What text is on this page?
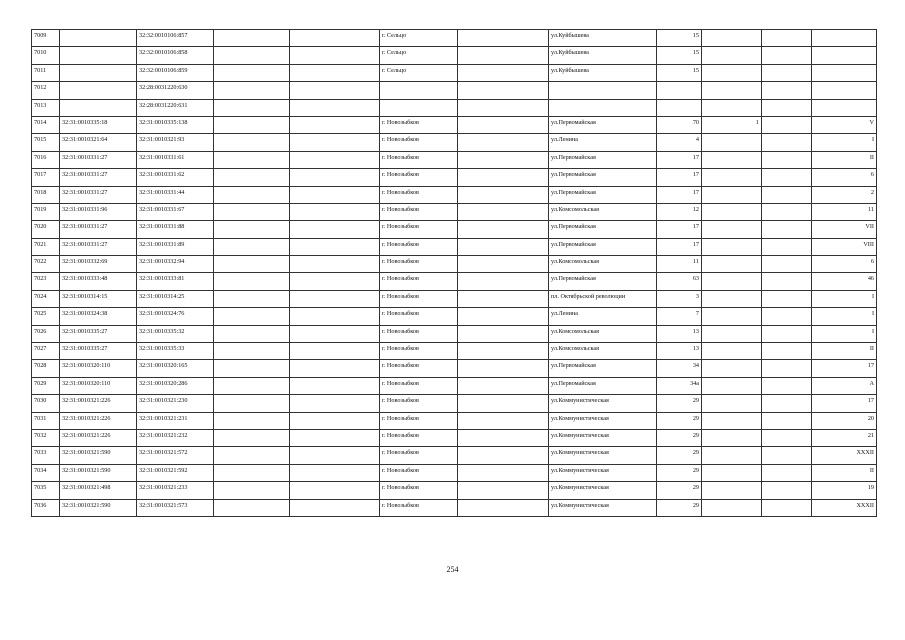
7009		32:32:0010106:857			г. Сельцо		ул.Куйбышева	15			
7010		32:32:0010106:858			г. Сельцо		ул.Куйбышева	15			
7011		32:32:0010106:859			г. Сельцо		ул.Куйбышева	15			
7012		32:28:0031220:630									
7013		32:28:0031220:631									
7014	32:31:0010335:18	32:31:0010335:138			г. Новозыбков		ул.Первомайская	70	1		V
7015	32:31:0010321:64	32:31:0010321:93			г. Новозыбков		ул.Ленина	4			I
7016	32:31:0010331:27	32:31:0010331:61			г. Новозыбков		ул.Первомайская	17			II
7017	32:31:0010331:27	32:31:0010331:62			г. Новозыбков		ул.Первомайская	17			6
7018	32:31:0010331:27	32:31:0010331:44			г. Новозыбков		ул.Первомайская	17			2
7019	32:31:0010331:96	32:31:0010331:67			г. Новозыбков		ул.Комсомольская	12			11
7020	32:31:0010331:27	32:31:0010331:88			г. Новозыбков		ул.Первомайская	17			VII
7021	32:31:0010331:27	32:31:0010331:89			г. Новозыбков		ул.Первомайская	17			VIII
7022	32:31:0010332:69	32:31:0010332:94			г. Новозыбков		ул.Комсомольская	11			6
7023	32:31:0010333:48	32:31:0010333:81			г. Новозыбков		ул.Первомайская	63			46
7024	32:31:0010314:15	32:31:0010314:25			г. Новозыбков		пл. Октябрьской революции	3			I
7025	32:31:0010324:38	32:31:0010324:76			г. Новозыбков		ул.Ленина	7			I
7026	32:31:0010335:27	32:31:0010335:32			г. Новозыбков		ул.Комсомольская	13			I
7027	32:31:0010335:27	32:31:0010335:33			г. Новозыбков		ул.Комсомольская	13			II
7028	32:31:0010320:110	32:31:0010320:165			г. Новозыбков		ул.Первомайская	34			17
7029	32:31:0010320:110	32:31:0010320:286			г. Новозыбков		ул.Первомайская	34а			А
7030	32:31:0010321:226	32:31:0010321:230			г. Новозыбков		ул.Коммунистическая	29			17
7031	32:31:0010321:226	32:31:0010321:231			г. Новозыбков		ул.Коммунистическая	29			20
7032	32:31:0010321:226	32:31:0010321:232			г. Новозыбков		ул.Коммунистическая	29			21
7033	32:31:0010321:590	32:31:0010321:572			г. Новозыбков		ул.Коммунистическая	29			XXXII
7034	32:31:0010321:590	32:31:0010321:592			г. Новозыбков		ул.Коммунистическая	29			II
7035	32:31:0010321:498	32:31:0010321:233			г. Новозыбков		ул.Коммунистическая	29			19
7036	32:31:0010321:590	32:31:0010321:573			г. Новозыбков		ул.Коммунистическая	29			XXXII
254
